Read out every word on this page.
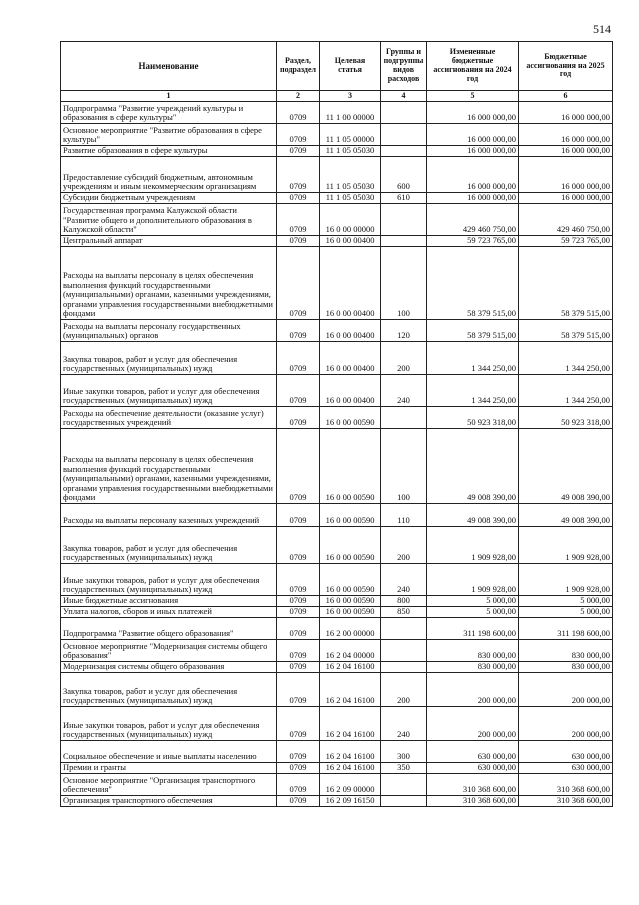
514
Наименование	Раздел, подраздел	Целевая статья	Группы и подгруппы видов расходов	Измененные бюджетные ассигнования на 2024 год	Бюджетные ассигнования на 2025 год
1	2	3	4	5	6
Подпрограмма "Развитие учреждений культуры и образования в сфере культуры"	0709	11 1 00 00000		16 000 000,00	16 000 000,00
Основное мероприятие "Развитие образования в сфере культуры"	0709	11 1 05 00000		16 000 000,00	16 000 000,00
Развитие образования в сфере культуры	0709	11 1 05 05030		16 000 000,00	16 000 000,00
Предоставление субсидий бюджетным, автономным учреждениям и иным некоммерческим организациям	0709	11 1 05 05030	600	16 000 000,00	16 000 000,00
Субсидии бюджетным учреждениям	0709	11 1 05 05030	610	16 000 000,00	16 000 000,00
Государственная программа Калужской области "Развитие общего и дополнительного образования в Калужской области"	0709	16 0 00 00000		429 460 750,00	429 460 750,00
Центральный аппарат	0709	16 0 00 00400		59 723 765,00	59 723 765,00
Расходы на выплаты персоналу в целях обеспечения выполнения функций государственными (муниципальными) органами, казенными учреждениями, органами управления государственными внебюджетными фондами	0709	16 0 00 00400	100	58 379 515,00	58 379 515,00
Расходы на выплаты персоналу государственных (муниципальных) органов	0709	16 0 00 00400	120	58 379 515,00	58 379 515,00
Закупка товаров, работ и услуг для обеспечения государственных (муниципальных) нужд	0709	16 0 00 00400	200	1 344 250,00	1 344 250,00
Иные закупки товаров, работ и услуг для обеспечения государственных (муниципальных) нужд	0709	16 0 00 00400	240	1 344 250,00	1 344 250,00
Расходы на обеспечение деятельности (оказание услуг) государственных учреждений	0709	16 0 00 00590		50 923 318,00	50 923 318,00
Расходы на выплаты персоналу в целях обеспечения выполнения функций государственными (муниципальными) органами, казенными учреждениями, органами управления государственными внебюджетными фондами	0709	16 0 00 00590	100	49 008 390,00	49 008 390,00
Расходы на выплаты персоналу казенных учреждений	0709	16 0 00 00590	110	49 008 390,00	49 008 390,00
Закупка товаров, работ и услуг для обеспечения государственных (муниципальных) нужд	0709	16 0 00 00590	200	1 909 928,00	1 909 928,00
Иные закупки товаров, работ и услуг для обеспечения государственных (муниципальных) нужд	0709	16 0 00 00590	240	1 909 928,00	1 909 928,00
Иные бюджетные ассигнования	0709	16 0 00 00590	800	5 000,00	5 000,00
Уплата налогов, сборов и иных платежей	0709	16 0 00 00590	850	5 000,00	5 000,00
Подпрограмма "Развитие общего образования"	0709	16 2 00 00000		311 198 600,00	311 198 600,00
Основное мероприятие "Модернизация системы общего образования"	0709	16 2 04 00000		830 000,00	830 000,00
Модернизация системы общего образования	0709	16 2 04 16100		830 000,00	830 000,00
Закупка товаров, работ и услуг для обеспечения государственных (муниципальных) нужд	0709	16 2 04 16100	200	200 000,00	200 000,00
Иные закупки товаров, работ и услуг для обеспечения государственных (муниципальных) нужд	0709	16 2 04 16100	240	200 000,00	200 000,00
Социальное обеспечение и иные выплаты населению	0709	16 2 04 16100	300	630 000,00	630 000,00
Премии и гранты	0709	16 2 04 16100	350	630 000,00	630 000,00
Основное мероприятие "Организация транспортного обеспечения"	0709	16 2 09 00000		310 368 600,00	310 368 600,00
Организация транспортного обеспечения	0709	16 2 09 16150		310 368 600,00	310 368 600,00
